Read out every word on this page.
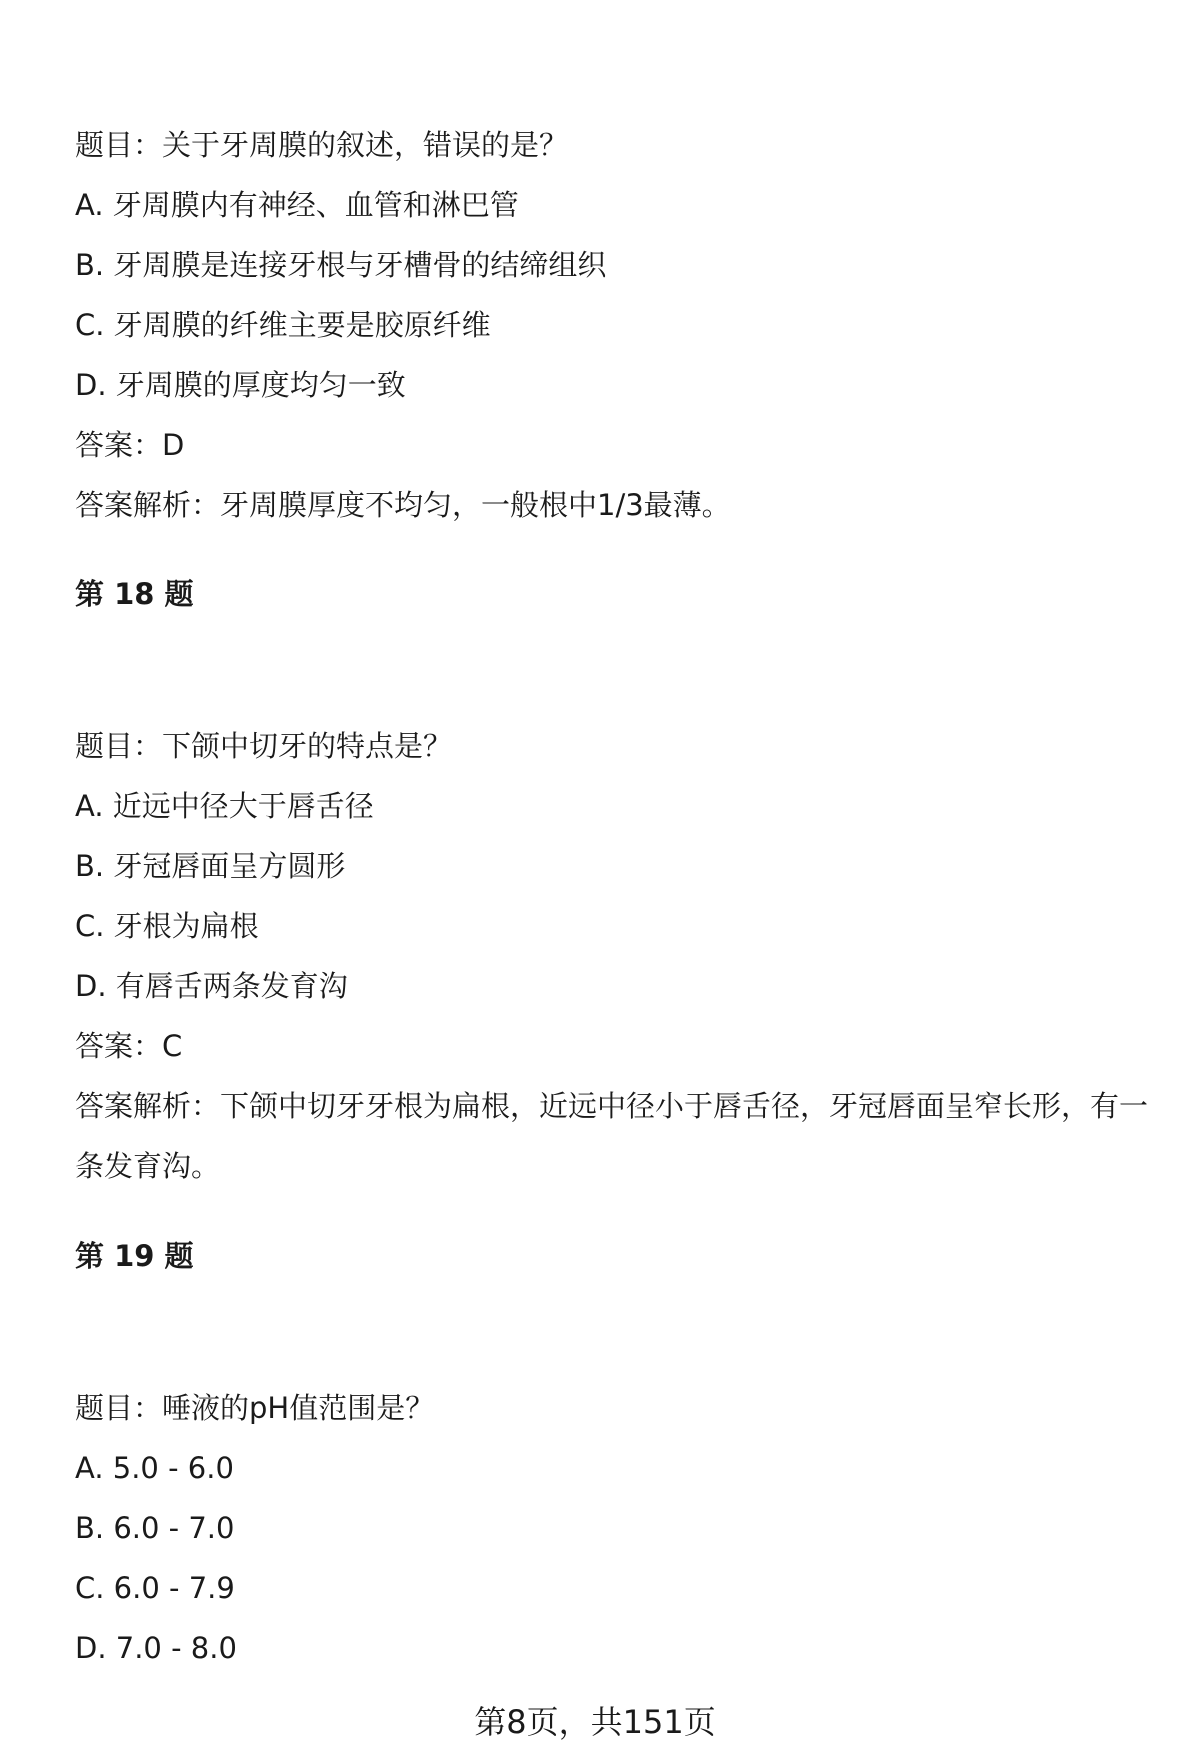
题目：关于牙周膜的叙述，错误的是？
A. 牙周膜内有神经、血管和淋巴管
B. 牙周膜是连接牙根与牙槽骨的结缔组织
C. 牙周膜的纤维主要是胶原纤维
D. 牙周膜的厚度均匀一致
答案：D
答案解析：牙周膜厚度不均匀，一般根中1/3最薄。
第 18 题
题目：下颌中切牙的特点是？
A. 近远中径大于唇舌径
B. 牙冠唇面呈方圆形
C. 牙根为扁根
D. 有唇舌两条发育沟
答案：C
答案解析：下颌中切牙牙根为扁根，近远中径小于唇舌径，牙冠唇面呈窄长形，有一条发育沟。
第 19 题
题目：唾液的pH值范围是？
A. 5.0 - 6.0
B. 6.0 - 7.0
C. 6.0 - 7.9
D. 7.0 - 8.0
第8页，共151页
